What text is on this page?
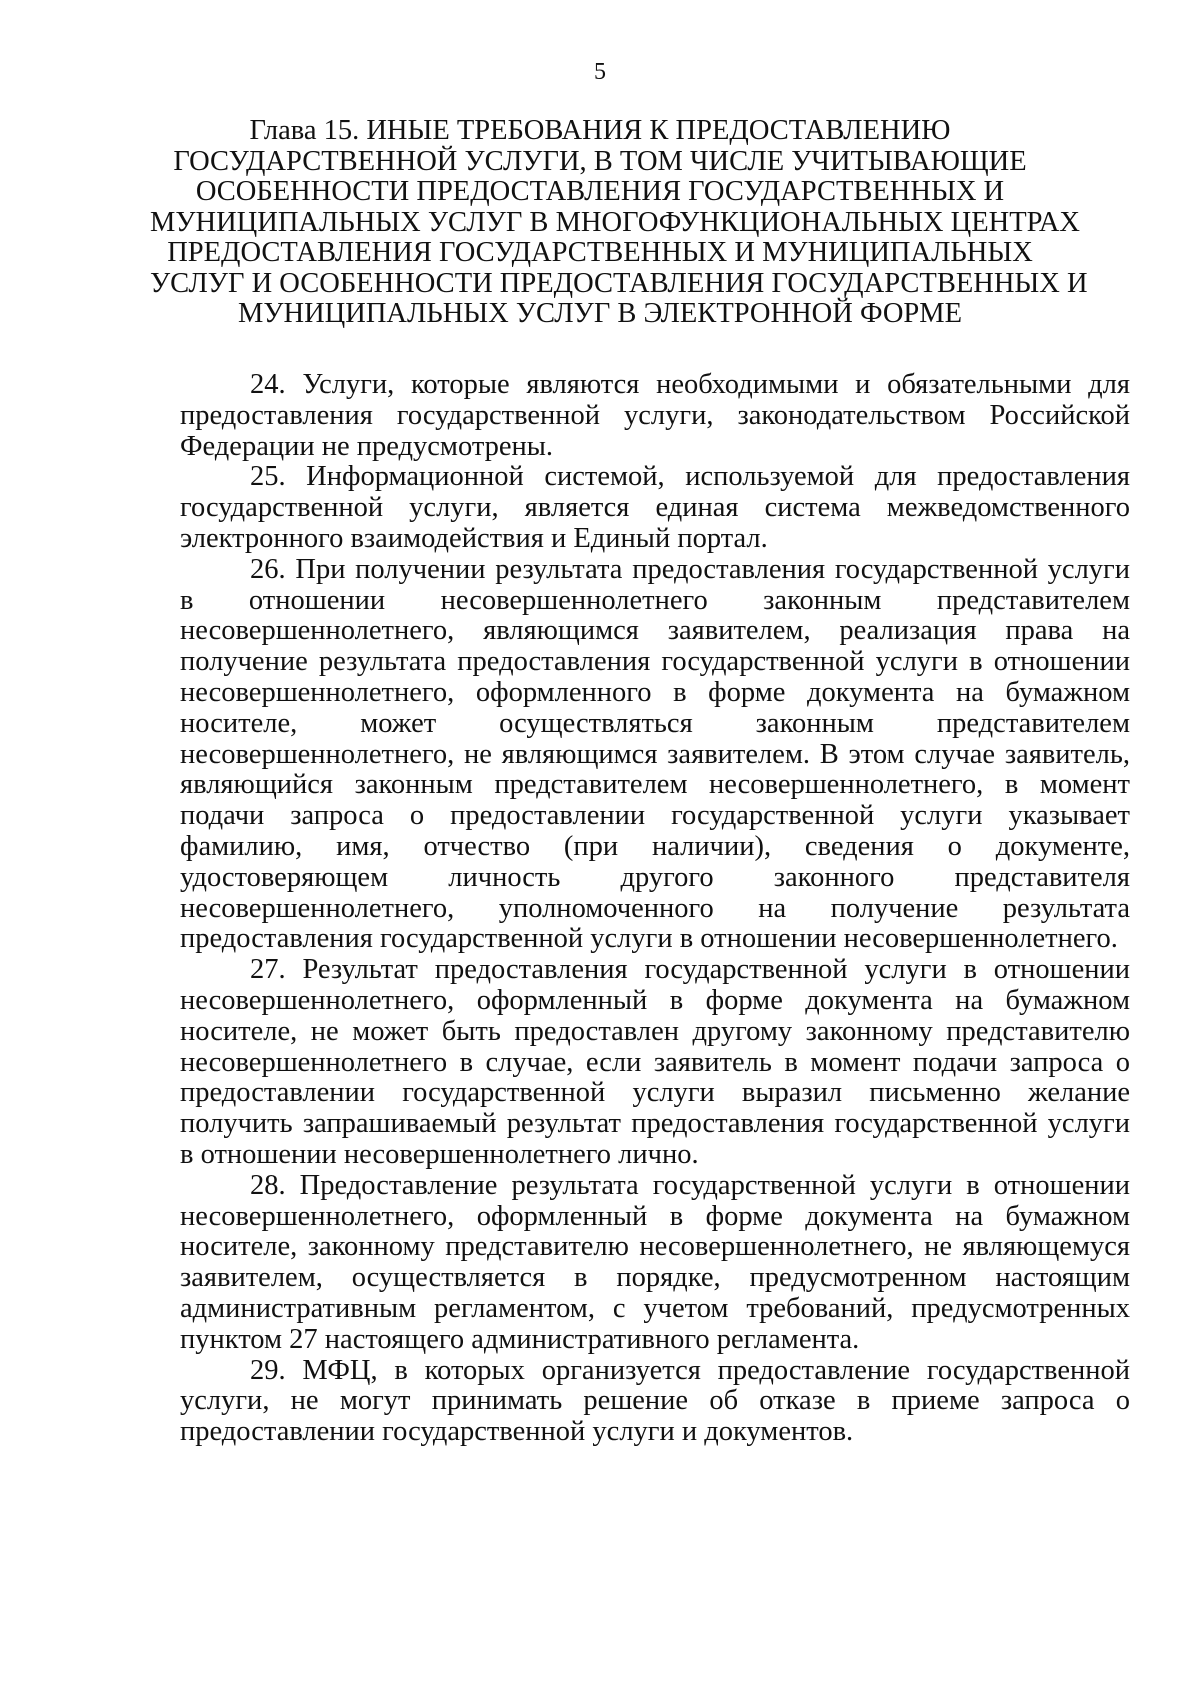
5
Глава 15. ИНЫЕ ТРЕБОВАНИЯ К ПРЕДОСТАВЛЕНИЮ
ГОСУДАРСТВЕННОЙ УСЛУГИ, В ТОМ ЧИСЛЕ УЧИТЫВАЮЩИЕ
ОСОБЕННОСТИ ПРЕДОСТАВЛЕНИЯ ГОСУДАРСТВЕННЫХ И
МУНИЦИПАЛЬНЫХ УСЛУГ В МНОГОФУНКЦИОНАЛЬНЫХ ЦЕНТРАХ
ПРЕДОСТАВЛЕНИЯ ГОСУДАРСТВЕННЫХ И МУНИЦИПАЛЬНЫХ
УСЛУГ И ОСОБЕННОСТИ ПРЕДОСТАВЛЕНИЯ ГОСУДАРСТВЕННЫХ И
МУНИЦИПАЛЬНЫХ УСЛУГ В ЭЛЕКТРОННОЙ ФОРМЕ
24. Услуги, которые являются необходимыми и обязательными для
предоставления государственной услуги, законодательством Российской
Федерации не предусмотрены.
25. Информационной системой, используемой для предоставления
государственной услуги, является единая система межведомственного
электронного взаимодействия и Единый портал.
26. При получении результата предоставления государственной услуги
в отношении несовершеннолетнего законным представителем
несовершеннолетнего, являющимся заявителем, реализация права на
получение результата предоставления государственной услуги в отношении
несовершеннолетнего, оформленного в форме документа на бумажном
носителе, может осуществляться законным представителем
несовершеннолетнего, не являющимся заявителем. В этом случае заявитель,
являющийся законным представителем несовершеннолетнего, в момент
подачи запроса о предоставлении государственной услуги указывает
фамилию, имя, отчество (при наличии), сведения о документе,
удостоверяющем личность другого законного представителя
несовершеннолетнего, уполномоченного на получение результата
предоставления государственной услуги в отношении несовершеннолетнего.
27. Результат предоставления государственной услуги в отношении
несовершеннолетнего, оформленный в форме документа на бумажном
носителе, не может быть предоставлен другому законному представителю
несовершеннолетнего в случае, если заявитель в момент подачи запроса о
предоставлении государственной услуги выразил письменно желание
получить запрашиваемый результат предоставления государственной услуги
в отношении несовершеннолетнего лично.
28. Предоставление результата государственной услуги в отношении
несовершеннолетнего, оформленный в форме документа на бумажном
носителе, законному представителю несовершеннолетнего, не являющемуся
заявителем, осуществляется в порядке, предусмотренном настоящим
административным регламентом, с учетом требований, предусмотренных
пунктом 27 настоящего административного регламента.
29. МФЦ, в которых организуется предоставление государственной
услуги, не могут принимать решение об отказе в приеме запроса о
предоставлении государственной услуги и документов.
